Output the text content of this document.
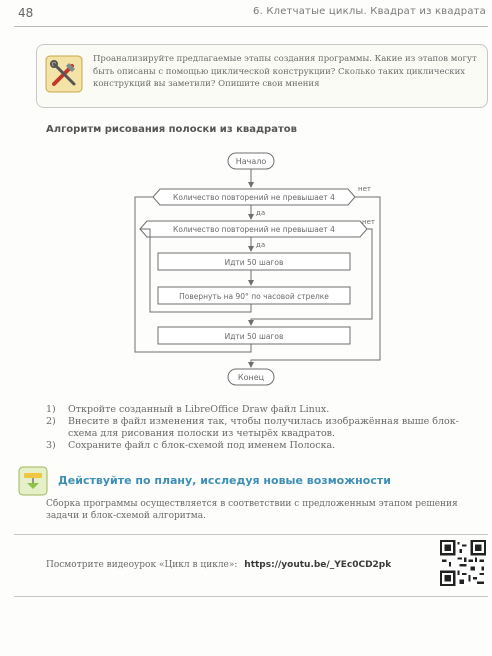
48	6. Клетчатые циклы. Квадрат из квадрата
Проанализируйте предлагаемые этапы создания программы. Какие из этапов могут быть описаны с помощью циклической конструкции? Сколько таких циклических конструкций вы заметили? Опишите свои мнения
Алгоритм рисования полоски из квадратов
Начало
Количество повторений не превышает 4
Количество повторений не превышает 4
да
да
нет
нет
Идти 50 шагов
Повернуть на 90° по часовой стрелке
Идти 50 шагов
Конец
1) Откройте созданный в LibreOffice Draw файл Linux.
2) Внесите в файл изменения так, чтобы получилась изображённая выше блок-схема для рисования полоски из четырёх квадратов.
3) Сохраните файл с блок-схемой под именем Полоска.
Действуйте по плану, исследуя новые возможности
Сборка программы осуществляется в соответствии с предложенным этапом решения задачи и блок-схемой алгоритма.
Посмотрите видеоурок «Цикл в цикле»: https://youtu.be/_YEc0CD2pk
